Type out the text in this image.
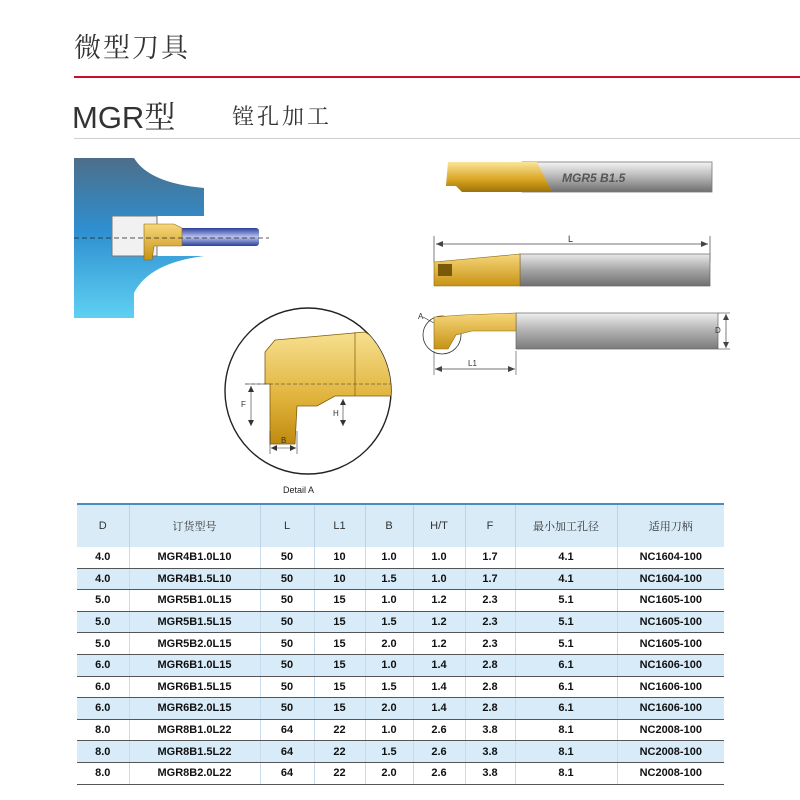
微型刀具
MGR型	镗孔加工
MGR5 B1.5
L
A
D
L1
F
H
B
Detail A
D	订货型号	L	L1	B	H/T	F	最小加工孔径	适用刀柄
4.0	MGR4B1.0L10	50	10	1.0	1.0	1.7	4.1	NC1604-100
4.0	MGR4B1.5L10	50	10	1.5	1.0	1.7	4.1	NC1604-100
5.0	MGR5B1.0L15	50	15	1.0	1.2	2.3	5.1	NC1605-100
5.0	MGR5B1.5L15	50	15	1.5	1.2	2.3	5.1	NC1605-100
5.0	MGR5B2.0L15	50	15	2.0	1.2	2.3	5.1	NC1605-100
6.0	MGR6B1.0L15	50	15	1.0	1.4	2.8	6.1	NC1606-100
6.0	MGR6B1.5L15	50	15	1.5	1.4	2.8	6.1	NC1606-100
6.0	MGR6B2.0L15	50	15	2.0	1.4	2.8	6.1	NC1606-100
8.0	MGR8B1.0L22	64	22	1.0	2.6	3.8	8.1	NC2008-100
8.0	MGR8B1.5L22	64	22	1.5	2.6	3.8	8.1	NC2008-100
8.0	MGR8B2.0L22	64	22	2.0	2.6	3.8	8.1	NC2008-100
